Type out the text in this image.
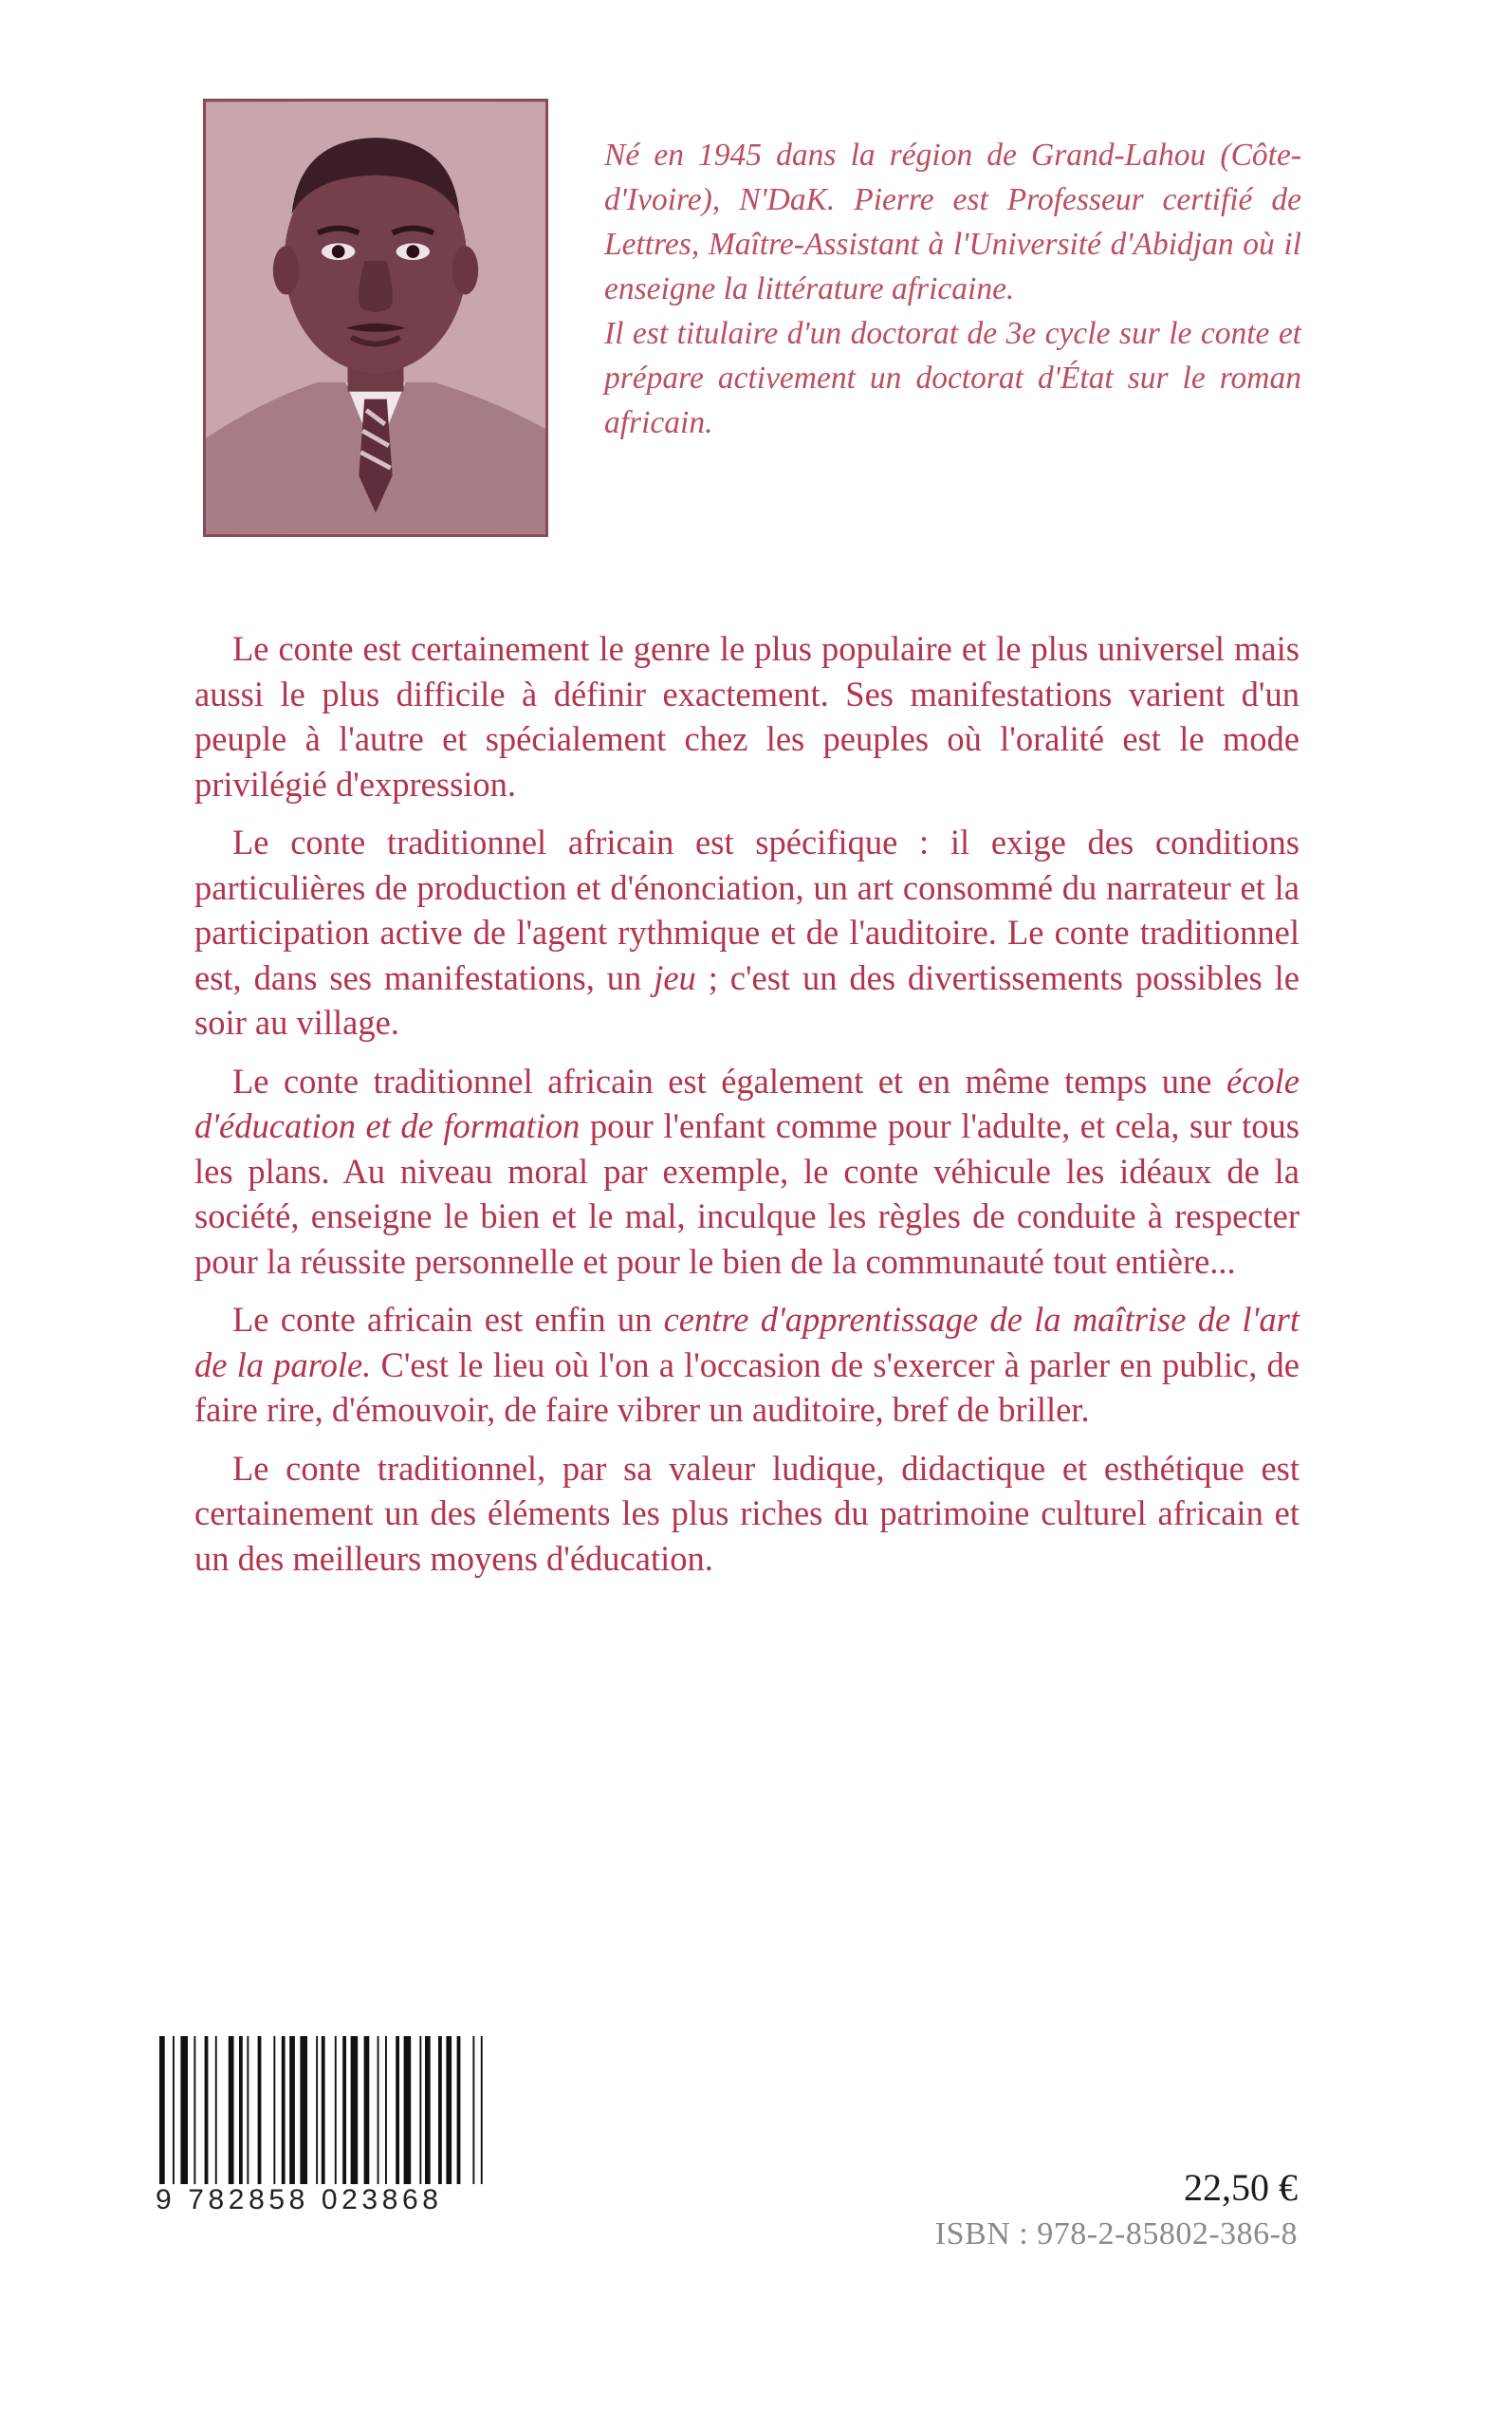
Né en 1945 dans la région de Grand-Lahou (Côte-d'Ivoire), N'DaK. Pierre est Professeur certifié de Lettres, Maître-Assistant à l'Université d'Abidjan où il enseigne la littérature africaine.

Il est titulaire d'un doctorat de 3e cycle sur le conte et prépare activement un doctorat d'État sur le roman africain.

Le conte est certainement le genre le plus populaire et le plus universel mais aussi le plus difficile à définir exactement. Ses manifestations varient d'un peuple à l'autre et spécialement chez les peuples où l'oralité est le mode privilégié d'expression.

Le conte traditionnel africain est spécifique : il exige des conditions particulières de production et d'énonciation, un art consommé du narrateur et la participation active de l'agent rythmique et de l'auditoire. Le conte traditionnel est, dans ses manifestations, un jeu ; c'est un des divertissements possibles le soir au village.

Le conte traditionnel africain est également et en même temps une école d'éducation et de formation pour l'enfant comme pour l'adulte, et cela, sur tous les plans. Au niveau moral par exemple, le conte véhicule les idéaux de la société, enseigne le bien et le mal, inculque les règles de conduite à respecter pour la réussite personnelle et pour le bien de la communauté tout entière...

Le conte africain est enfin un centre d'apprentissage de la maîtrise de l'art de la parole. C'est le lieu où l'on a l'occasion de s'exercer à parler en public, de faire rire, d'émouvoir, de faire vibrer un auditoire, bref de briller.

Le conte traditionnel, par sa valeur ludique, didactique et esthétique est certainement un des éléments les plus riches du patrimoine culturel africain et un des meilleurs moyens d'éducation.

9 782858 023868	22,50 €
ISBN : 978-2-85802-386-8
